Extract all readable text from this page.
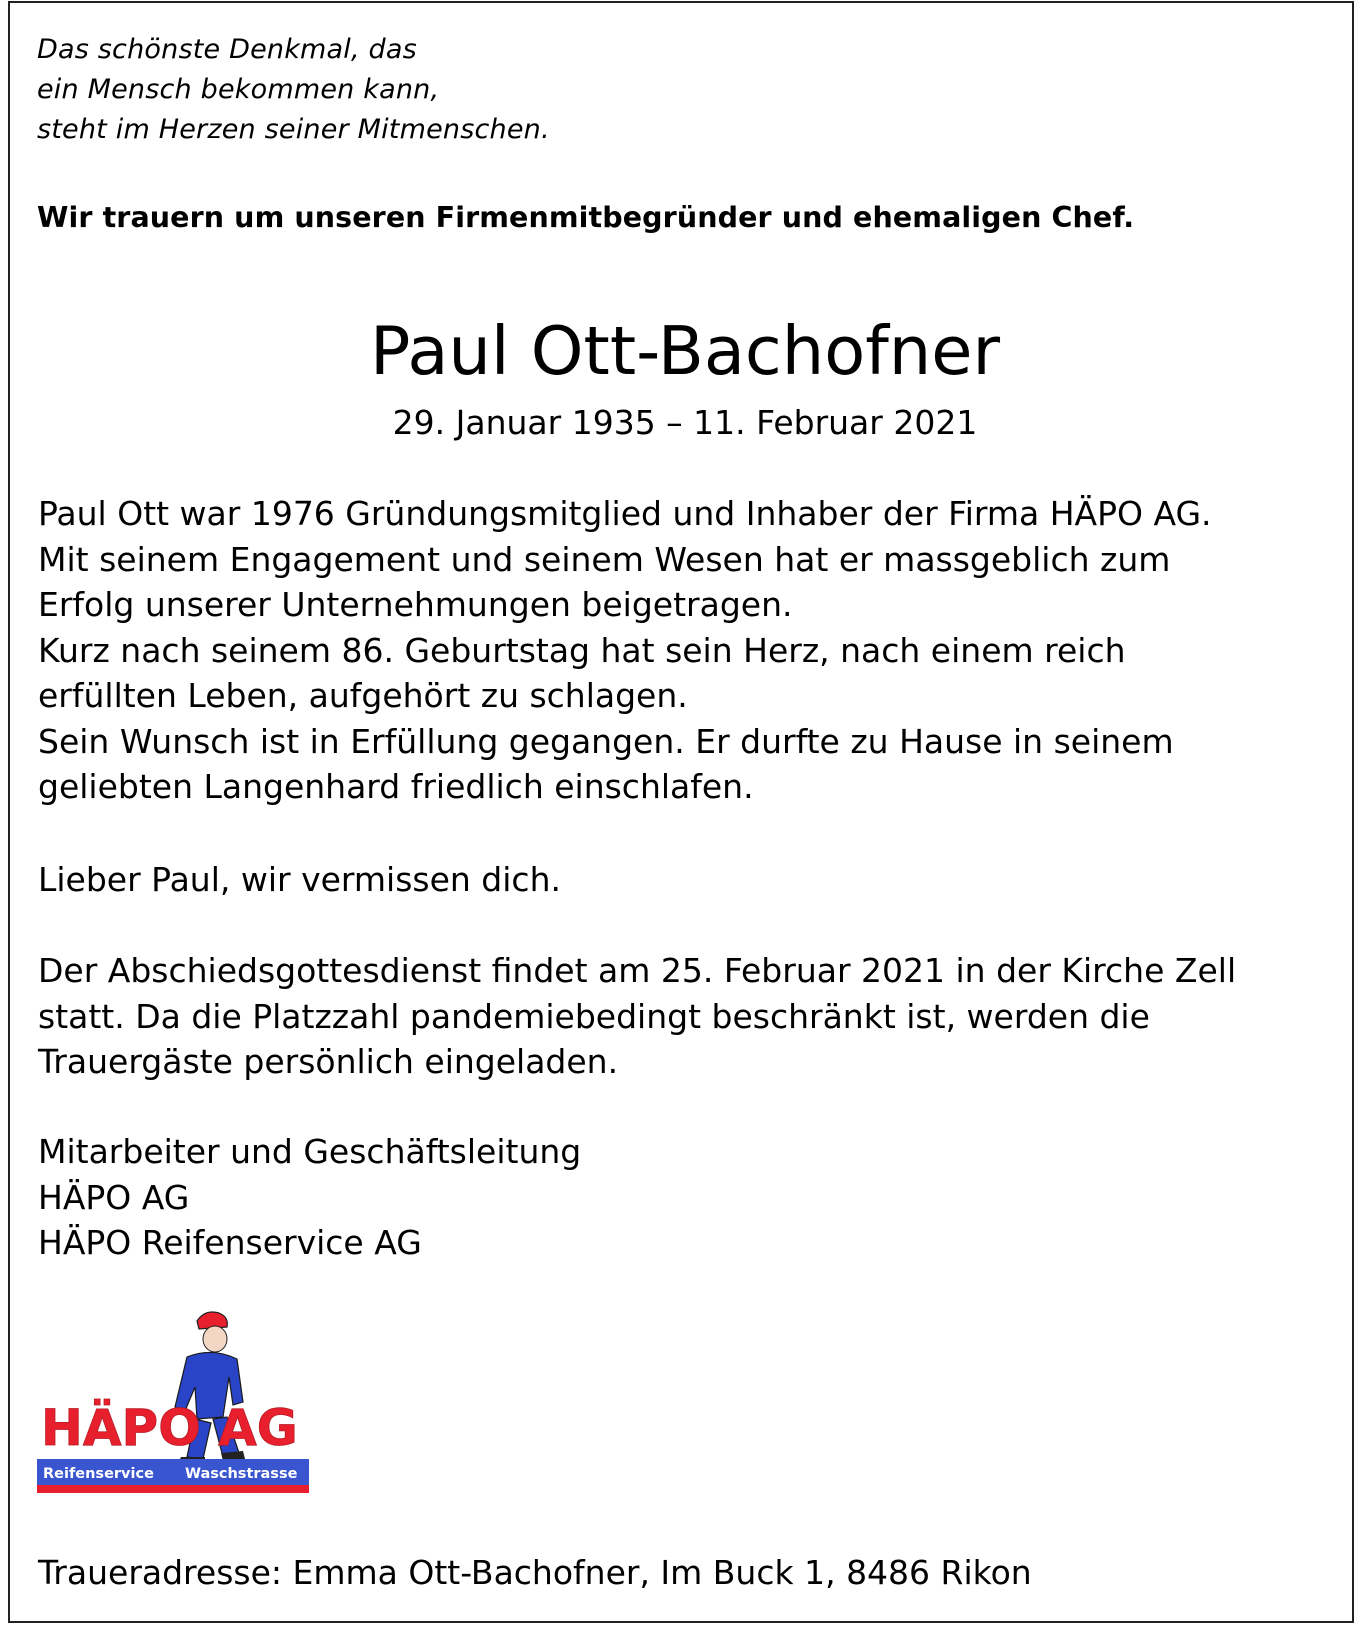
Das schönste Denkmal, das
ein Mensch bekommen kann,
steht im Herzen seiner Mitmenschen.
Wir trauern um unseren Firmenmitbegründer und ehemaligen Chef.
Paul Ott-Bachofner
29. Januar 1935 – 11. Februar 2021
Paul Ott war 1976 Gründungsmitglied und Inhaber der Firma HÄPO AG.
Mit seinem Engagement und seinem Wesen hat er massgeblich zum
Erfolg unserer Unternehmungen beigetragen.
Kurz nach seinem 86. Geburtstag hat sein Herz, nach einem reich
erfüllten Leben, aufgehört zu schlagen.
Sein Wunsch ist in Erfüllung gegangen. Er durfte zu Hause in seinem
geliebten Langenhard friedlich einschlafen.
Lieber Paul, wir vermissen dich.
Der Abschiedsgottesdienst findet am 25. Februar 2021 in der Kirche Zell
statt. Da die Platzzahl pandemiebedingt beschränkt ist, werden die
Trauergäste persönlich eingeladen.
Mitarbeiter und Geschäftsleitung
HÄPO AG
HÄPO Reifenservice AG
HÄPO AG
Reifenservice Waschstrasse
Traueradresse: Emma Ott-Bachofner, Im Buck 1, 8486 Rikon
